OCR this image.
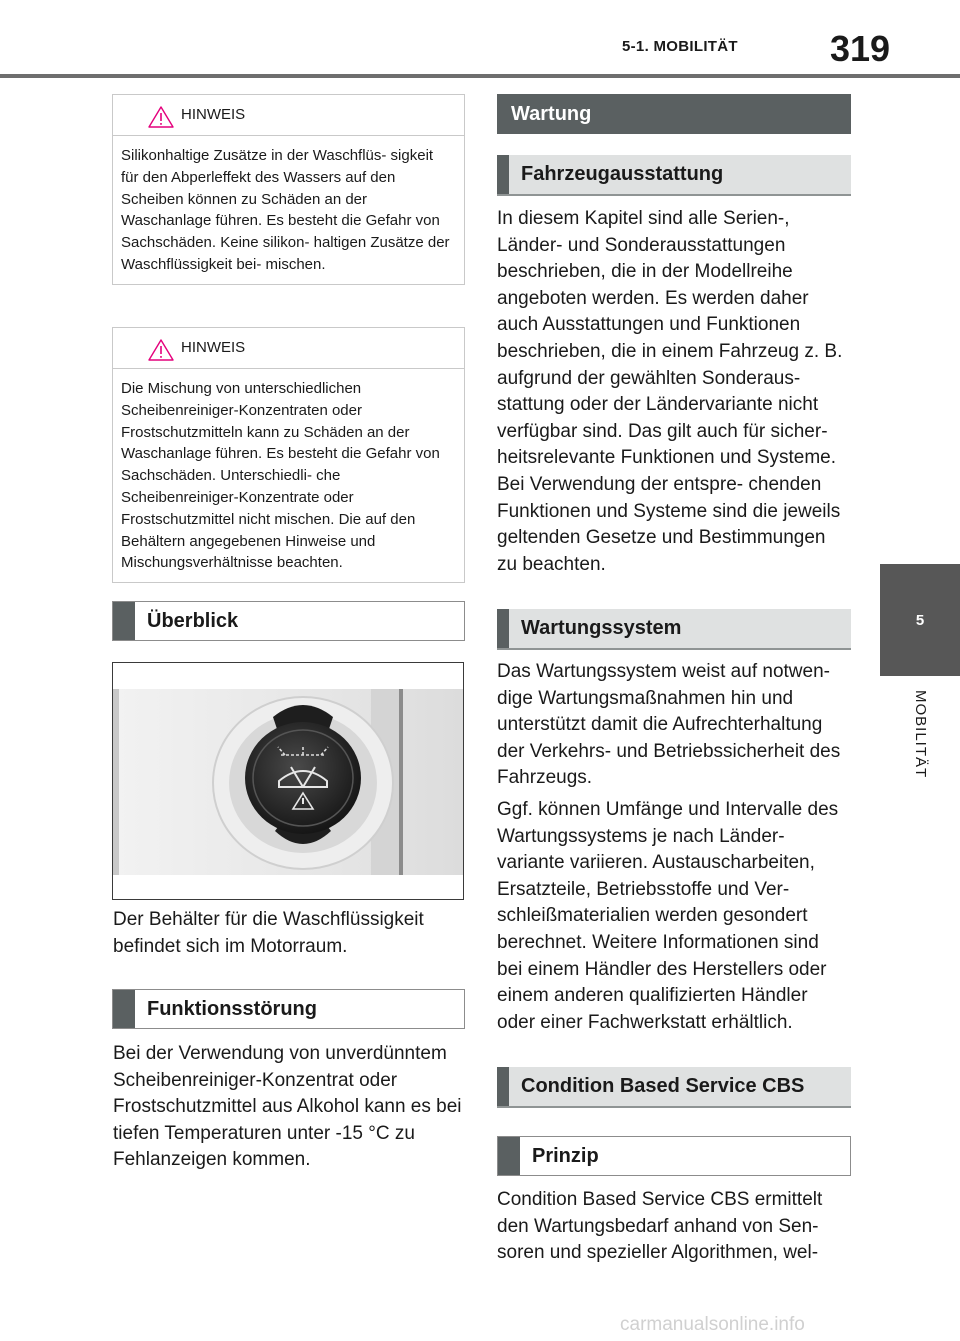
5-1. MOBILITÄT	319
5
MOBILITÄT
HINWEIS
Silikonhaltige Zusätze in der Waschflüs- sigkeit für den Abperleffekt des Wassers auf den Scheiben können zu Schäden an der Waschanlage führen. Es besteht die Gefahr von Sachschäden. Keine silikon- haltigen Zusätze der Waschflüssigkeit bei- mischen.
HINWEIS
Die Mischung von unterschiedlichen Scheibenreiniger-Konzentraten oder Frostschutzmitteln kann zu Schäden an der Waschanlage führen. Es besteht die Gefahr von Sachschäden. Unterschiedli- che Scheibenreiniger-Konzentrate oder Frostschutzmittel nicht mischen. Die auf den Behältern angegebenen Hinweise und Mischungsverhältnisse beachten.
Überblick

Der Behälter für die Waschflüssigkeit befindet sich im Motorraum.

Funktionsstörung

Bei der Verwendung von unverdünntem Scheibenreiniger-Konzentrat oder Frostschutzmittel aus Alkohol kann es bei tiefen Temperaturen unter -15 °C zu Fehlanzeigen kommen.

Wartung
Fahrzeugausstattung

In diesem Kapitel sind alle Serien-, Länder- und Sonderausstattungen beschrieben, die in der Modellreihe angeboten werden. Es werden daher auch Ausstattungen und Funktionen beschrieben, die in einem Fahrzeug z. B. aufgrund der gewählten Sonderaus- stattung oder der Ländervariante nicht verfügbar sind. Das gilt auch für sicher- heitsrelevante Funktionen und Systeme. Bei Verwendung der entspre- chenden Funktionen und Systeme sind die jeweils geltenden Gesetze und Bestimmungen zu beachten.

Wartungssystem

Das Wartungssystem weist auf notwen- dige Wartungsmaßnahmen hin und unterstützt damit die Aufrechterhaltung der Verkehrs- und Betriebssicherheit des Fahrzeugs.

Ggf. können Umfänge und Intervalle des Wartungssystems je nach Länder- variante variieren. Austauscharbeiten, Ersatzteile, Betriebsstoffe und Ver- schleißmaterialien werden gesondert berechnet. Weitere Informationen sind bei einem Händler des Herstellers oder einem anderen qualifizierten Händler oder einer Fachwerkstatt erhältlich.

Condition Based Service CBS
Prinzip

Condition Based Service CBS ermittelt den Wartungsbedarf anhand von Sen- soren und spezieller Algorithmen, wel-

carmanualsonline.info
